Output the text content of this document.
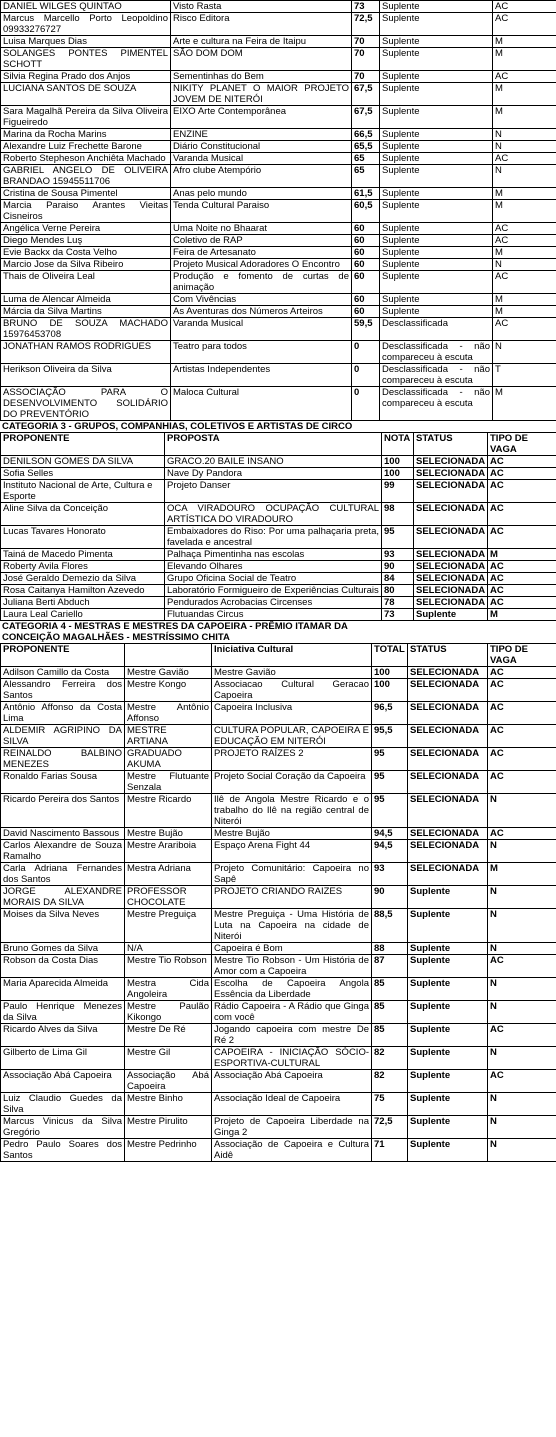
DANIEL WILGES QUINTAO	Visto Rasta	73	Suplente	AC
Marcus Marcello Porto Leopoldino 09933276727	Risco Editora	72,5	Suplente	AC
Luisa Marques Dias	Arte e cultura na Feira de Itaipu	70	Suplente	M
SOLANGES PONTES PIMENTEL SCHOTT	SÃO DOM DOM	70	Suplente	M
Silvia Regina Prado dos Anjos	Sementinhas do Bem	70	Suplente	AC
LUCIANA SANTOS DE SOUZA	NIKITY PLANET O MAIOR PROJETO JOVEM DE NITERÓI	67,5	Suplente	M
Sara Magalhã Pereira da Silva Oliveira Figueiredo	EIXO Arte Contemporânea	67,5	Suplente	M
Marina da Rocha Marins	ENZINE	66,5	Suplente	N
Alexandre Luiz Frechette Barone	Diário Constitucional	65,5	Suplente	N
Roberto Stepheson Anchiêta Machado	Varanda Musical	65	Suplente	AC
GABRIEL ANGELO DE OLIVEIRA BRANDAO 15945511706	Afro clube Atempório	65	Suplente	N
Cristina de Sousa Pimentel	Anas pelo mundo	61,5	Suplente	M
Marcia Paraiso Arantes Vieitas Cisneiros	Tenda Cultural Paraiso	60,5	Suplente	M
Angélica Verne Pereira	Uma Noite no Bhaarat	60	Suplente	AC
Diego Mendes Luş	Coletivo de RAP	60	Suplente	AC
Evie Backx da Costa Velho	Feira de Artesanato	60	Suplente	M
Marcio Jose da Silva Ribeiro	Projeto Musical Adoradores O Encontro	60	Suplente	N
Thais de Oliveira Leal	Produção e fomento de curtas de animação	60	Suplente	AC
Luma de Alencar Almeida	Com Vivências	60	Suplente	M
Márcia da Silva Martins	As Aventuras dos Números Arteiros	60	Suplente	M
BRUNO DE SOUZA MACHADO 15976453708	Varanda Musical	59,5	Desclassificada	AC
JONATHAN RAMOS RODRIGUES	Teatro para todos	0	Desclassificada - não compareceu à escuta	N
Herikson Oliveira da Silva	Artistas Independentes	0	Desclassificada - não compareceu à escuta	T
ASSOCIAÇÃO PARA O DESENVOLVIMENTO SOLIDÁRIO DO PREVENTÓRIO	Maloca Cultural	0	Desclassificada - não compareceu à escuta	M
CATEGORIA 3 - GRUPOS, COMPANHIAS, COLETIVOS E ARTISTAS DE CIRCO
PROPONENTE	PROPOSTA	NOTA	STATUS	TIPO DE VAGA
DENILSON GOMES DA SILVA	GRACO.20 BAILE INSANO	100	SELECIONADA	AC
Sofia Selles	Nave Dy Pandora	100	SELECIONADA	AC
Instituto Nacional de Arte, Cultura e Esporte	Projeto Danser	99	SELECIONADA	AC
Aline Silva da Conceição	OCA VIRADOURO OCUPAÇÃO CULTURAL ARTÍSTICA DO VIRADOURO	98	SELECIONADA	AC
Lucas Tavares Honorato	Embaixadores do Riso: Por uma palhaçaria preta, favelada e ancestral	95	SELECIONADA	AC
Tainá de Macedo Pimenta	Palhaça Pimentinha nas escolas	93	SELECIONADA	M
Roberty Avila Flores	Elevando Olhares	90	SELECIONADA	AC
José Geraldo Demezio da Silva	Grupo Oficina Social de Teatro	84	SELECIONADA	AC
Rosa Caitanya Hamilton Azevedo	Laboratório Formigueiro de Experiências Culturais	80	SELECIONADA	AC
Juliana Berti Abduch	Pendurados Acrobacias Circenses	78	SELECIONADA	AC
Laura Leal Cariello	Flutuandas Circus	73	Suplente	M
CATEGORIA 4 - MESTRAS E MESTRES DA CAPOEIRA - PRÊMIO ITAMAR DA
CONCEIÇÃO MAGALHÃES - MESTRÍSSIMO CHITA
PROPONENTE		Iniciativa Cultural	TOTAL	STATUS	TIPO DE VAGA
Adilson Camillo da Costa	Mestre Gavião	Mestre Gavião	100	SELECIONADA	AC
Alessandro Ferreira dos Santos	Mestre Kongo	Associacao Cultural Geracao Capoeira	100	SELECIONADA	AC
Antônio Affonso da Costa Lima	Mestre Antônio Affonso	Capoeira Inclusiva	96,5	SELECIONADA	AC
ALDEMIR AGRIPINO DA SILVA	MESTRE ARTIANA	CULTURA POPULAR, CAPOEIRA E EDUCAÇÃO EM NITERÓI	95,5	SELECIONADA	AC
REINALDO BALBINO MENEZES	GRADUADO AKUMA	PROJETO RAÍZES 2	95	SELECIONADA	AC
Ronaldo Farias Sousa	Mestre Flutuante Senzala	Projeto Social Coração da Capoeira	95	SELECIONADA	AC
Ricardo Pereira dos Santos	Mestre Ricardo	Ilê de Angola Mestre Ricardo e o trabalho do Ilê na região central de Niterói	95	SELECIONADA	N
David Nascimento Bassous	Mestre Bujão	Mestre Bujão	94,5	SELECIONADA	AC
Carlos Alexandre de Souza Ramalho	Mestre Arariboia	Espaço Arena Fight 44	94,5	SELECIONADA	N
Carla Adriana Fernandes dos Santos	Mestra Adriana	Projeto Comunitário: Capoeira no Sapê	93	SELECIONADA	M
JORGE ALEXANDRE MORAIS DA SILVA	PROFESSOR CHOCOLATE	PROJETO CRIANDO RAIZES	90	Suplente	N
Moises da Silva Neves	Mestre Preguiça	Mestre Preguiça - Uma História de Luta na Capoeira na cidade de Niterói	88,5	Suplente	N
Bruno Gomes da Silva	N/A	Capoeira é Bom	88	Suplente	N
Robson da Costa Dias	Mestre Tio Robson	Mestre Tio Robson - Um História de Amor com a Capoeira	87	Suplente	AC
Maria Aparecida Almeida	Mestra Cida Angoleira	Escolha de Capoeira Angola Essência da Liberdade	85	Suplente	N
Paulo Henrique Menezes da Silva	Mestre Paulão Kikongo	Rádio Capoeira - A Rádio que Ginga com você	85	Suplente	N
Ricardo Alves da Silva	Mestre De Ré	Jogando capoeira com mestre De Ré 2	85	Suplente	AC
Gilberto de Lima Gil	Mestre Gil	CAPOEIRA - INICIAÇÃO SÓCIO-ESPORTIVA-CULTURAL	82	Suplente	N
Associação Abá Capoeira	Associação Abá Capoeira	Associação Abá Capoeira	82	Suplente	AC
Luiz Claudio Guedes da Silva	Mestre Binho	Associação Ideal de Capoeira	75	Suplente	N
Marcus Vinicus da Silva Gregório	Mestre Pirulito	Projeto de Capoeira Liberdade na Ginga 2	72,5	Suplente	N
Pedro Paulo Soares dos Santos	Mestre Pedrinho	Associação de Capoeira e Cultura Aidê	71	Suplente	N
